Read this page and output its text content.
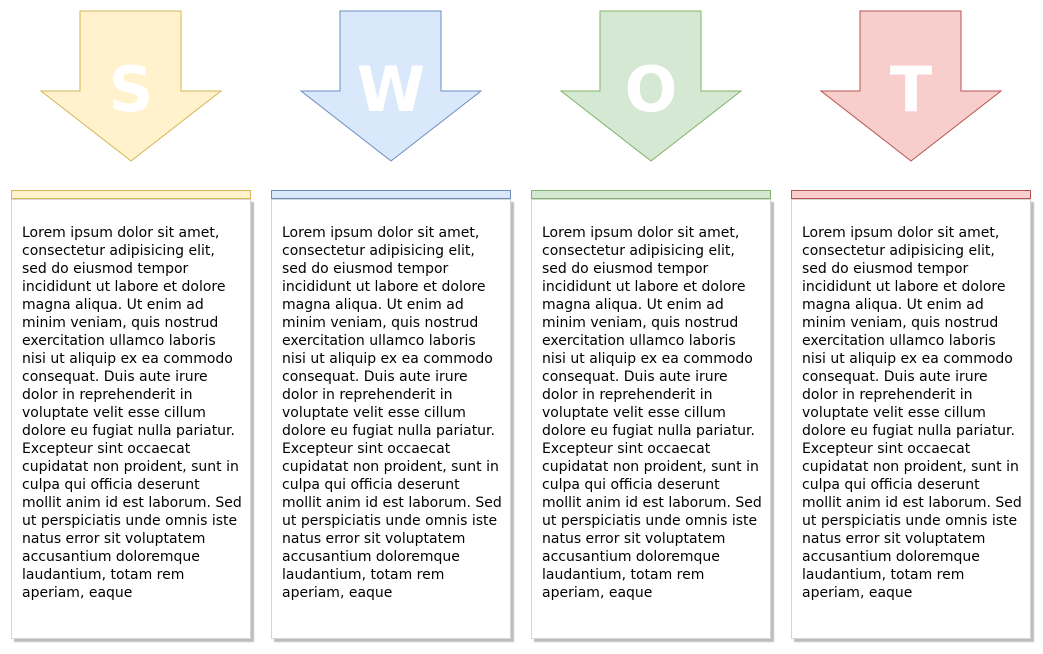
S

Lorem ipsum dolor sit amet, consectetur adipisicing elit, sed do eiusmod tempor incididunt ut labore et dolore magna aliqua. Ut enim ad minim veniam, quis nostrud exercitation ullamco laboris nisi ut aliquip ex ea commodo consequat. Duis aute irure dolor in reprehenderit in voluptate velit esse cillum dolore eu fugiat nulla pariatur. Excepteur sint occaecat cupidatat non proident, sunt in culpa qui officia deserunt mollit anim id est laborum. Sed ut perspiciatis unde omnis iste natus error sit voluptatem accusantium doloremque laudantium, totam rem aperiam, eaque

W

Lorem ipsum dolor sit amet, consectetur adipisicing elit, sed do eiusmod tempor incididunt ut labore et dolore magna aliqua. Ut enim ad minim veniam, quis nostrud exercitation ullamco laboris nisi ut aliquip ex ea commodo consequat. Duis aute irure dolor in reprehenderit in voluptate velit esse cillum dolore eu fugiat nulla pariatur. Excepteur sint occaecat cupidatat non proident, sunt in culpa qui officia deserunt mollit anim id est laborum. Sed ut perspiciatis unde omnis iste natus error sit voluptatem accusantium doloremque laudantium, totam rem aperiam, eaque

O

Lorem ipsum dolor sit amet, consectetur adipisicing elit, sed do eiusmod tempor incididunt ut labore et dolore magna aliqua. Ut enim ad minim veniam, quis nostrud exercitation ullamco laboris nisi ut aliquip ex ea commodo consequat. Duis aute irure dolor in reprehenderit in voluptate velit esse cillum dolore eu fugiat nulla pariatur. Excepteur sint occaecat cupidatat non proident, sunt in culpa qui officia deserunt mollit anim id est laborum. Sed ut perspiciatis unde omnis iste natus error sit voluptatem accusantium doloremque laudantium, totam rem aperiam, eaque

T

Lorem ipsum dolor sit amet, consectetur adipisicing elit, sed do eiusmod tempor incididunt ut labore et dolore magna aliqua. Ut enim ad minim veniam, quis nostrud exercitation ullamco laboris nisi ut aliquip ex ea commodo consequat. Duis aute irure dolor in reprehenderit in voluptate velit esse cillum dolore eu fugiat nulla pariatur. Excepteur sint occaecat cupidatat non proident, sunt in culpa qui officia deserunt mollit anim id est laborum. Sed ut perspiciatis unde omnis iste natus error sit voluptatem accusantium doloremque laudantium, totam rem aperiam, eaque
